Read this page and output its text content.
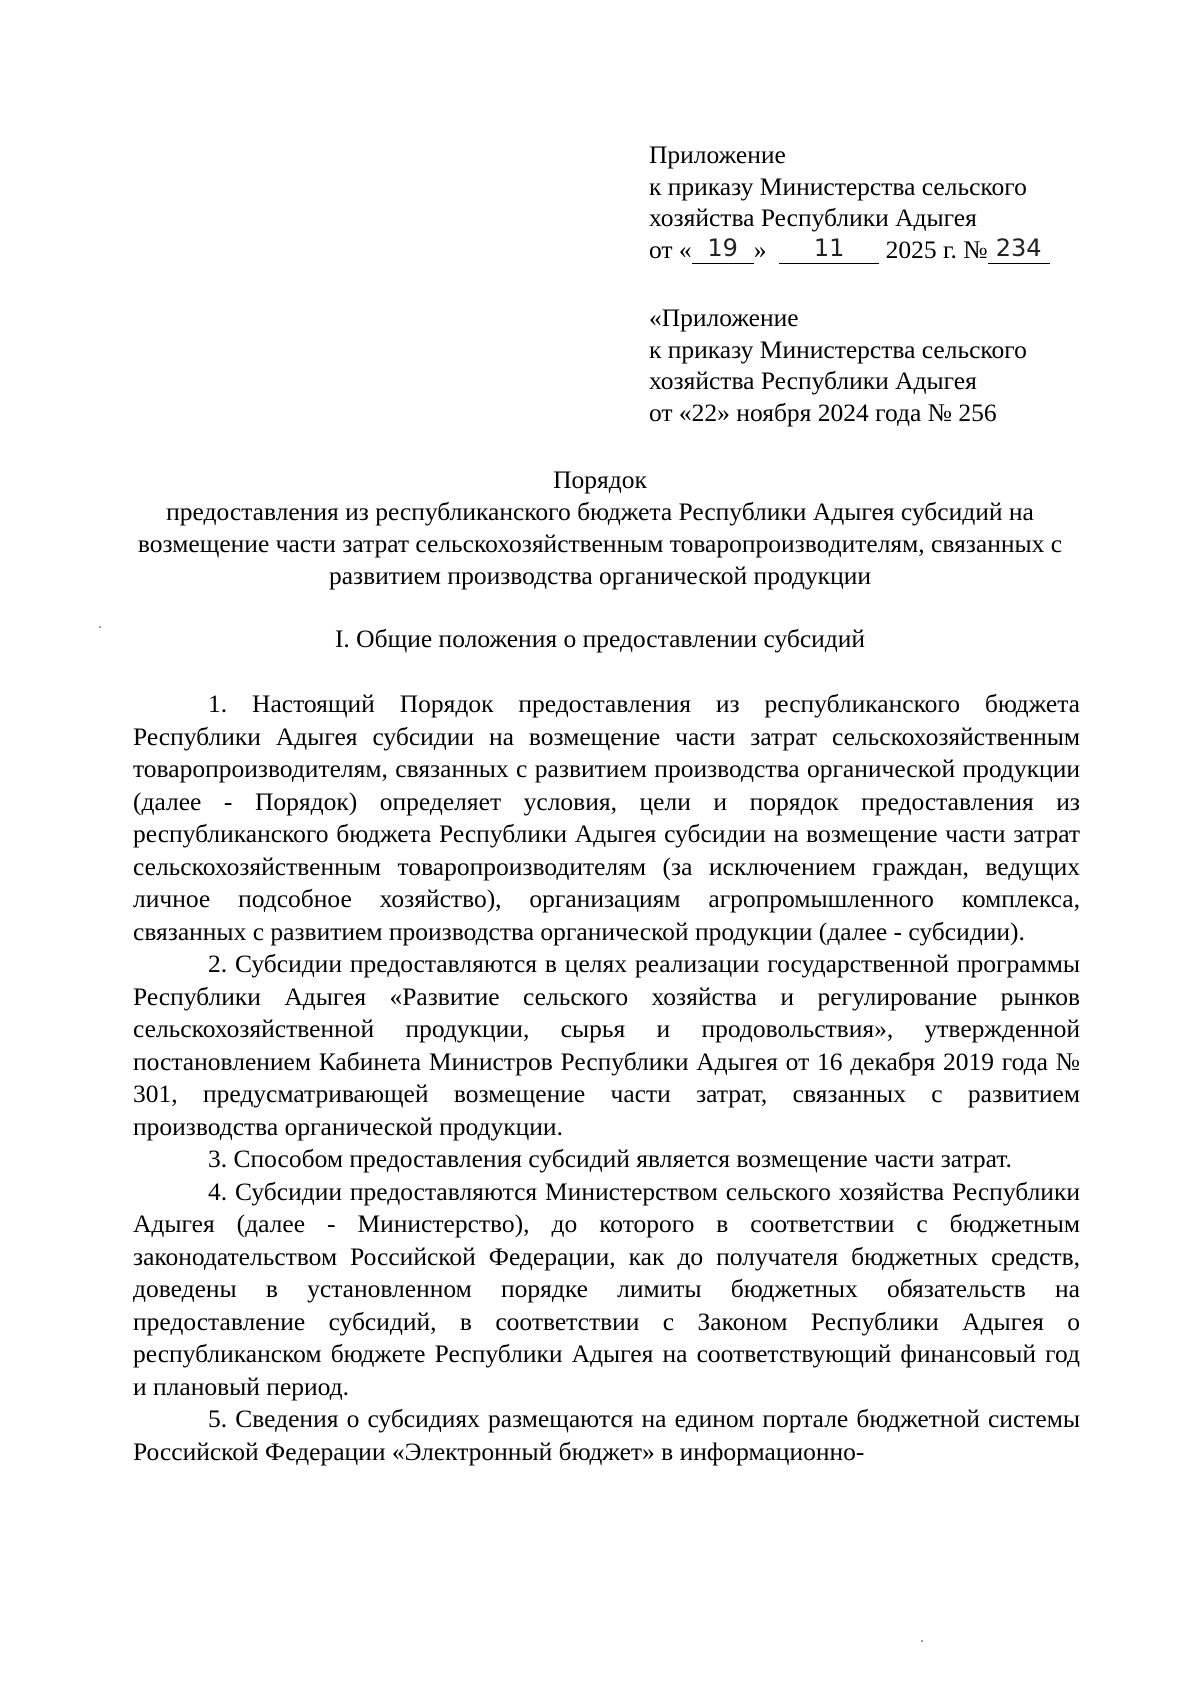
Приложение
к приказу Министерства сельского
хозяйства Республики Адыгея
от « 19 » 11 2025 г. № 234
«Приложение
к приказу Министерства сельского
хозяйства Республики Адыгея
от «22» ноября 2024 года № 256
Порядок
предоставления из республиканского бюджета Республики Адыгея субсидий на возмещение части затрат сельскохозяйственным товаропроизводителям, связанных с развитием производства органической продукции
I. Общие положения о предоставлении субсидий

1. Настоящий Порядок предоставления из республиканского бюджета Республики Адыгея субсидии на возмещение части затрат сельскохозяйственным товаропроизводителям, связанных с развитием производства органической продукции (далее - Порядок) определяет условия, цели и порядок предоставления из республиканского бюджета Республики Адыгея субсидии на возмещение части затрат сельскохозяйственным товаропроизводителям (за исключением граждан, ведущих личное подсобное хозяйство), организациям агропромышленного комплекса, связанных с развитием производства органической продукции (далее - субсидии).

2. Субсидии предоставляются в целях реализации государственной программы Республики Адыгея «Развитие сельского хозяйства и регулирование рынков сельскохозяйственной продукции, сырья и продовольствия», утвержденной постановлением Кабинета Министров Республики Адыгея от 16 декабря 2019 года № 301, предусматривающей возмещение части затрат, связанных с развитием производства органической продукции.

3. Способом предоставления субсидий является возмещение части затрат.

4. Субсидии предоставляются Министерством сельского хозяйства Республики Адыгея (далее - Министерство), до которого в соответствии с бюджетным законодательством Российской Федерации, как до получателя бюджетных средств, доведены в установленном порядке лимиты бюджетных обязательств на предоставление субсидий, в соответствии с Законом Республики Адыгея о республиканском бюджете Республики Адыгея на соответствующий финансовый год и плановый период.

5. Сведения о субсидиях размещаются на едином портале бюджетной системы Российской Федерации «Электронный бюджет» в информационно-
